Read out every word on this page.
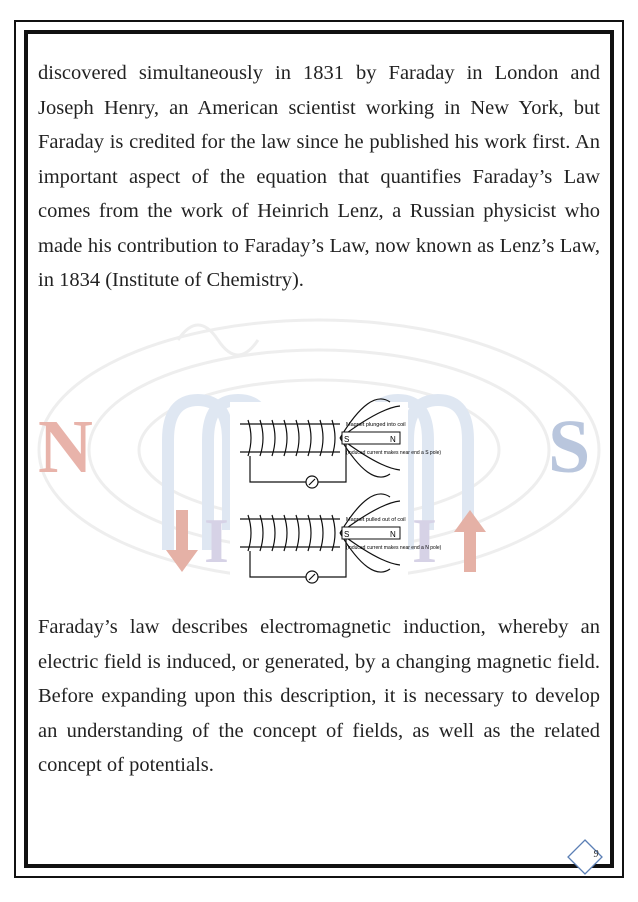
N	S
I	I

discovered simultaneously in 1831 by Faraday in London and Joseph Henry, an American scientist working in New York, but Faraday is credited for the law since he published his work first. An important aspect of the equation that quantifies Faraday’s Law comes from the work of Heinrich Lenz, a Russian physicist who made his contribution to Faraday’s Law, now known as Lenz’s Law, in 1834 (Institute of Chemistry).

S	N
Magnet plunged into coil
(Induced current makes near end a S pole)
S	N
Magnet pulled out of coil
(Induced current makes near end a N pole)

Faraday’s law describes electromagnetic induction, whereby an electric field is induced, or generated, by a changing magnetic field. Before expanding upon this description, it is necessary to develop an understanding of the concept of fields, as well as the related concept of potentials.

9
